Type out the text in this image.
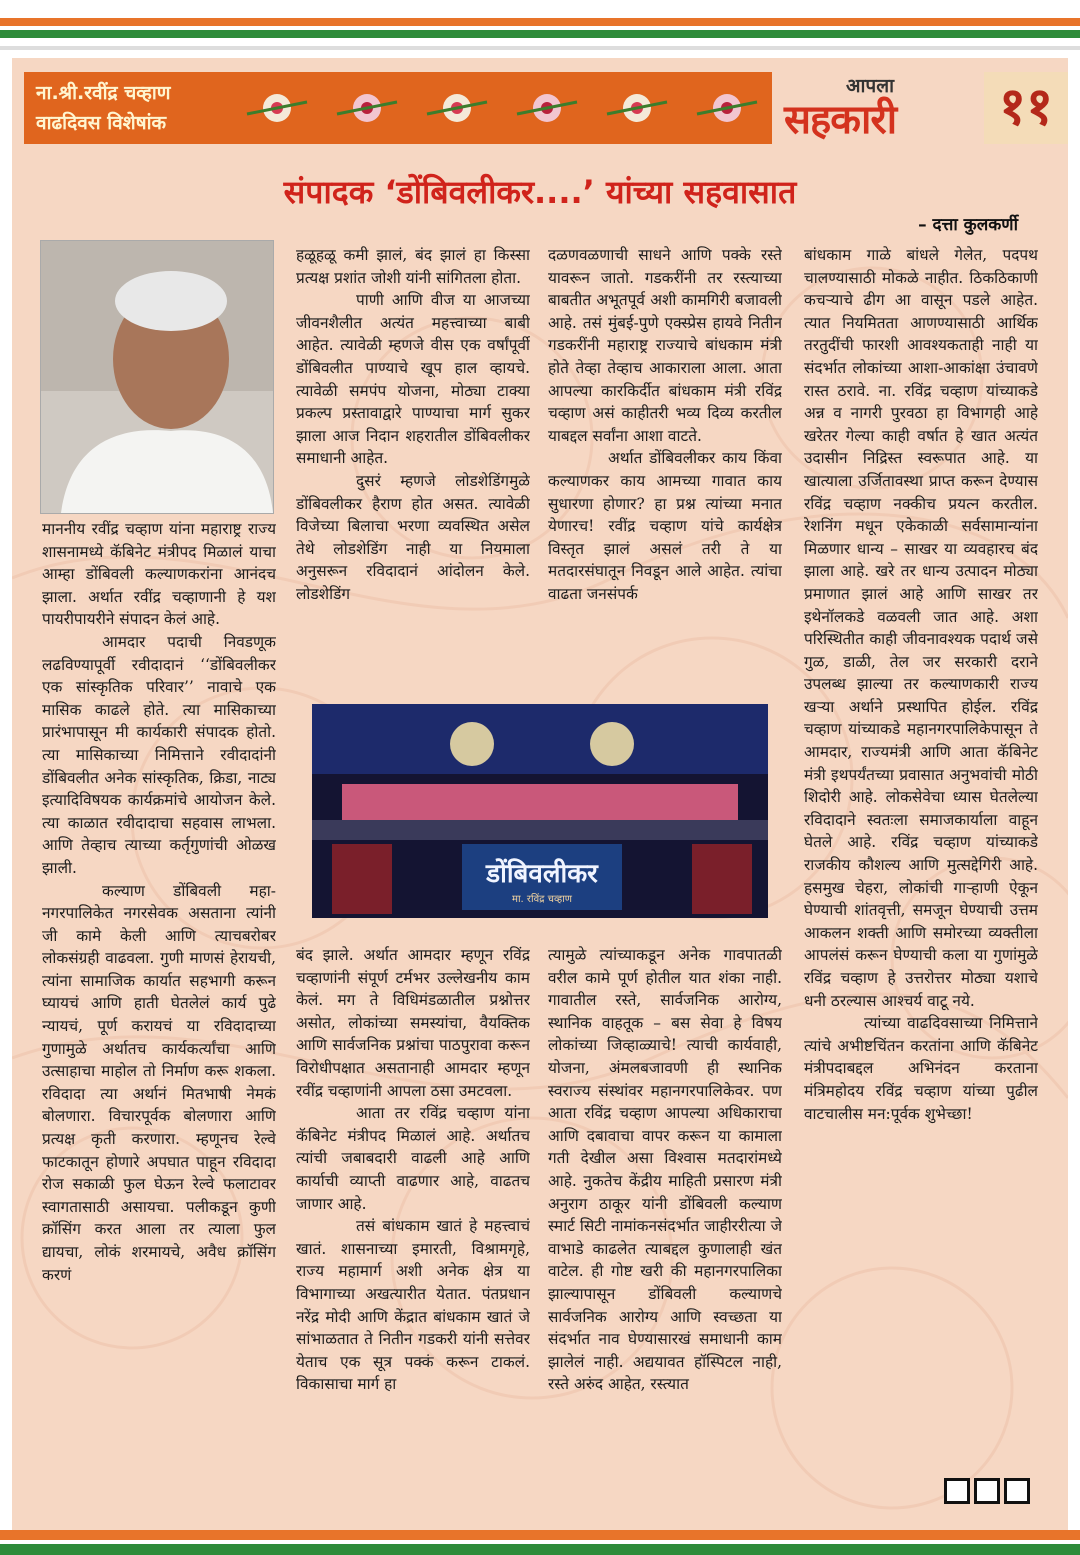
ना.श्री.रवींद्र चव्हाण
वाढदिवस विशेषांक
आपला
सहकारी ११
संपादक ‘डोंबिवलीकर....’ यांच्या सहवासात
– दत्ता कुलकर्णी
डोंबिवलीकर
मा. रविंद्र चव्हाण

माननीय रवींद्र चव्हाण यांना महाराष्ट्र राज्य शासनामध्ये कॅबिनेट मंत्रीपद मिळालं याचा आम्हा डोंबिवली कल्याणकरांना आनंदच झाला. अर्थात रवींद्र चव्हाणानी हे यश पायरीपायरीने संपादन केलं आहे.

आमदार पदाची निवडणूक लढविण्यापूर्वी रवीदादानं ‘‘डोंबिवलीकर एक सांस्कृतिक परिवार’’ नावाचे एक मासिक काढले होते. त्या मासिकाच्या प्रारंभापासून मी कार्यकारी संपादक होतो. त्या मासिकाच्या निमित्ताने रवीदादांनी डोंबिवलीत अनेक सांस्कृतिक, क्रिडा, नाट्य इत्यादिविषयक कार्यक्रमांचे आयोजन केले. त्या काळात रवीदादाचा सहवास लाभला. आणि तेव्हाच त्याच्या कर्तृगुणांची ओळख झाली.

कल्याण डोंबिवली महा-नगरपालिकेत नगरसेवक असताना त्यांनी जी कामे केली आणि त्याचबरोबर लोकसंग्रही वाढवला. गुणी माणसं हेरायची, त्यांना सामाजिक कार्यात सहभागी करून घ्यायचं आणि हाती घेतलेलं कार्य पुढे न्यायचं, पूर्ण करायचं या रविदादाच्या गुणामुळे अर्थातच कार्यकर्त्यांचा आणि उत्साहाचा माहोल तो निर्माण करू शकला. रविदादा त्या अर्थानं मितभाषी नेमकं बोलणारा. विचारपूर्वक बोलणारा आणि प्रत्यक्ष कृती करणारा. म्हणूनच रेल्वे फाटकातून होणारे अपघात पाहून रविदादा रोज सकाळी फुल घेऊन रेल्वे फलाटावर स्वागतासाठी असायचा. पलीकडून कुणी क्रॉसिंग करत आला तर त्याला फुल द्यायचा, लोकं शरमायचे, अवैध क्रॉसिंग करणं

हळूहळू कमी झालं, बंद झालं हा किस्सा प्रत्यक्ष प्रशांत जोशी यांनी सांगितला होता.

पाणी आणि वीज या आजच्या जीवनशैलीत अत्यंत महत्त्वाच्या बाबी आहेत. त्यावेळी म्हणजे वीस एक वर्षांपूर्वी डोंबिवलीत पाण्याचे खूप हाल व्हायचे. त्यावेळी समपंप योजना, मोठ्या टाक्या प्रकल्प प्रस्तावाद्वारे पाण्याचा मार्ग सुकर झाला आज निदान शहरातील डोंबिवलीकर समाधानी आहेत.

दुसरं म्हणजे लोडशेडिंगमुळे डोंबिवलीकर हैराण होत असत. त्यावेळी विजेच्या बिलाचा भरणा व्यवस्थित असेल तेथे लोडशेडिंग नाही या नियमाला अनुसरून रविदादानं आंदोलन केले. लोडशेडिंग

दळणवळणाची साधने आणि पक्के रस्ते यावरून जातो. गडकरींनी तर रस्त्याच्या बाबतीत अभूतपूर्व अशी कामगिरी बजावली आहे. तसं मुंबई-पुणे एक्स्प्रेस हायवे नितीन गडकरींनी महाराष्ट्र राज्याचे बांधकाम मंत्री होते तेव्हा तेव्हाच आकाराला आला. आता आपल्या कारकिर्दीत बांधकाम मंत्री रविंद्र चव्हाण असं काहीतरी भव्य दिव्य करतील याबद्दल सर्वांना आशा वाटते.

अर्थात डोंबिवलीकर काय किंवा कल्याणकर काय आमच्या गावात काय सुधारणा होणार? हा प्रश्न त्यांच्या मनात येणारच! रवींद्र चव्हाण यांचे कार्यक्षेत्र विस्तृत झालं असलं तरी ते या मतदारसंघातून निवडून आले आहेत. त्यांचा वाढता जनसंपर्क

बंद झाले. अर्थात आमदार म्हणून रविंद्र चव्हाणांनी संपूर्ण टर्मभर उल्लेखनीय काम केलं. मग ते विधिमंडळातील प्रश्नोत्तर असोत, लोकांच्या समस्यांचा, वैयक्तिक आणि सार्वजनिक प्रश्नांचा पाठपुरावा करून विरोधीपक्षात असतानाही आमदार म्हणून रवींद्र चव्हाणांनी आपला ठसा उमटवला.

आता तर रविंद्र चव्हाण यांना कॅबिनेट मंत्रीपद मिळालं आहे. अर्थातच त्यांची जबाबदारी वाढली आहे आणि कार्याची व्याप्ती वाढणार आहे, वाढतच जाणार आहे.

तसं बांधकाम खातं हे महत्त्वाचं खातं. शासनाच्या इमारती, विश्रामगृहे, राज्य महामार्ग अशी अनेक क्षेत्र या विभागाच्या अखत्यारीत येतात. पंतप्रधान नरेंद्र मोदी आणि केंद्रात बांधकाम खातं जे सांभाळतात ते नितीन गडकरी यांनी सत्तेवर येताच एक सूत्र पक्कं करून टाकलं. विकासाचा मार्ग हा

त्यामुळे त्यांच्याकडून अनेक गावपातळी वरील कामे पूर्ण होतील यात शंका नाही. गावातील रस्ते, सार्वजनिक आरोग्य, स्थानिक वाहतूक – बस सेवा हे विषय लोकांच्या जिव्हाळ्याचे! त्याची कार्यवाही, योजना, अंमलबजावणी ही स्थानिक स्वराज्य संस्थांवर महानगरपालिकेवर. पण आता रविंद्र चव्हाण आपल्या अधिकाराचा आणि दबावाचा वापर करून या कामाला गती देखील असा विश्वास मतदारांमध्ये आहे. नुकतेच केंद्रीय माहिती प्रसारण मंत्री अनुराग ठाकूर यांनी डोंबिवली कल्याण स्मार्ट सिटी नामांकनसंदर्भात जाहीररीत्या जे वाभाडे काढलेत त्याबद्दल कुणालाही खंत वाटेल. ही गोष्ट खरी की महानगरपालिका झाल्यापासून डोंबिवली कल्याणचे सार्वजनिक आरोग्य आणि स्वच्छता या संदर्भात नाव घेण्यासारखं समाधानी काम झालेलं नाही. अद्ययावत हॉस्पिटल नाही, रस्ते अरुंद आहेत, रस्त्यात

बांधकाम गाळे बांधले गेलेत, पदपथ चालण्यासाठी मोकळे नाहीत. ठिकठिकाणी कचऱ्याचे ढीग आ वासून पडले आहेत. त्यात नियमितता आणण्यासाठी आर्थिक तरतुदींची फारशी आवश्यकताही नाही या संदर्भात लोकांच्या आशा-आकांक्षा उंचावणे रास्त ठरावे. ना. रविंद्र चव्हाण यांच्याकडे अन्न व नागरी पुरवठा हा विभागही आहे खरेतर गेल्या काही वर्षात हे खात अत्यंत उदासीन निद्रिस्त स्वरूपात आहे. या खात्याला उर्जितावस्था प्राप्त करून देण्यास रविंद्र चव्हाण नक्कीच प्रयत्न करतील. रेशनिंग मधून एकेकाळी सर्वसामान्यांना मिळणार धान्य – साखर या व्यवहारच बंद झाला आहे. खरे तर धान्य उत्पादन मोठ्या प्रमाणात झालं आहे आणि साखर तर इथेनॉलकडे वळवली जात आहे. अशा परिस्थितीत काही जीवनावश्यक पदार्थ जसे गुळ, डाळी, तेल जर सरकारी दराने उपलब्ध झाल्या तर कल्याणकारी राज्य खऱ्या अर्थाने प्रस्थापित होईल. रविंद्र चव्हाण यांच्याकडे महानगरपालिकेपासून ते आमदार, राज्यमंत्री आणि आता कॅबिनेट मंत्री इथपर्यंतच्या प्रवासात अनुभवांची मोठी शिदोरी आहे. लोकसेवेचा ध्यास घेतलेल्या रविदादाने स्वतःला समाजकार्याला वाहून घेतले आहे. रविंद्र चव्हाण यांच्याकडे राजकीय कौशल्य आणि मुत्सद्देगिरी आहे. हसमुख चेहरा, लोकांची गाऱ्हाणी ऐकून घेण्याची शांतवृत्ती, समजून घेण्याची उत्तम आकलन शक्ती आणि समोरच्या व्यक्तीला आपलंसं करून घेण्याची कला या गुणांमुळे रविंद्र चव्हाण हे उत्तरोत्तर मोठ्या यशाचे धनी ठरल्यास आश्चर्य वाटू नये.

त्यांच्या वाढदिवसाच्या निमित्ताने त्यांचे अभीष्टचिंतन करतांना आणि कॅबिनेट मंत्रीपदाबद्दल अभिनंदन करताना मंत्रिमहोदय रविंद्र चव्हाण यांच्या पुढील वाटचालीस मन:पूर्वक शुभेच्छा!
